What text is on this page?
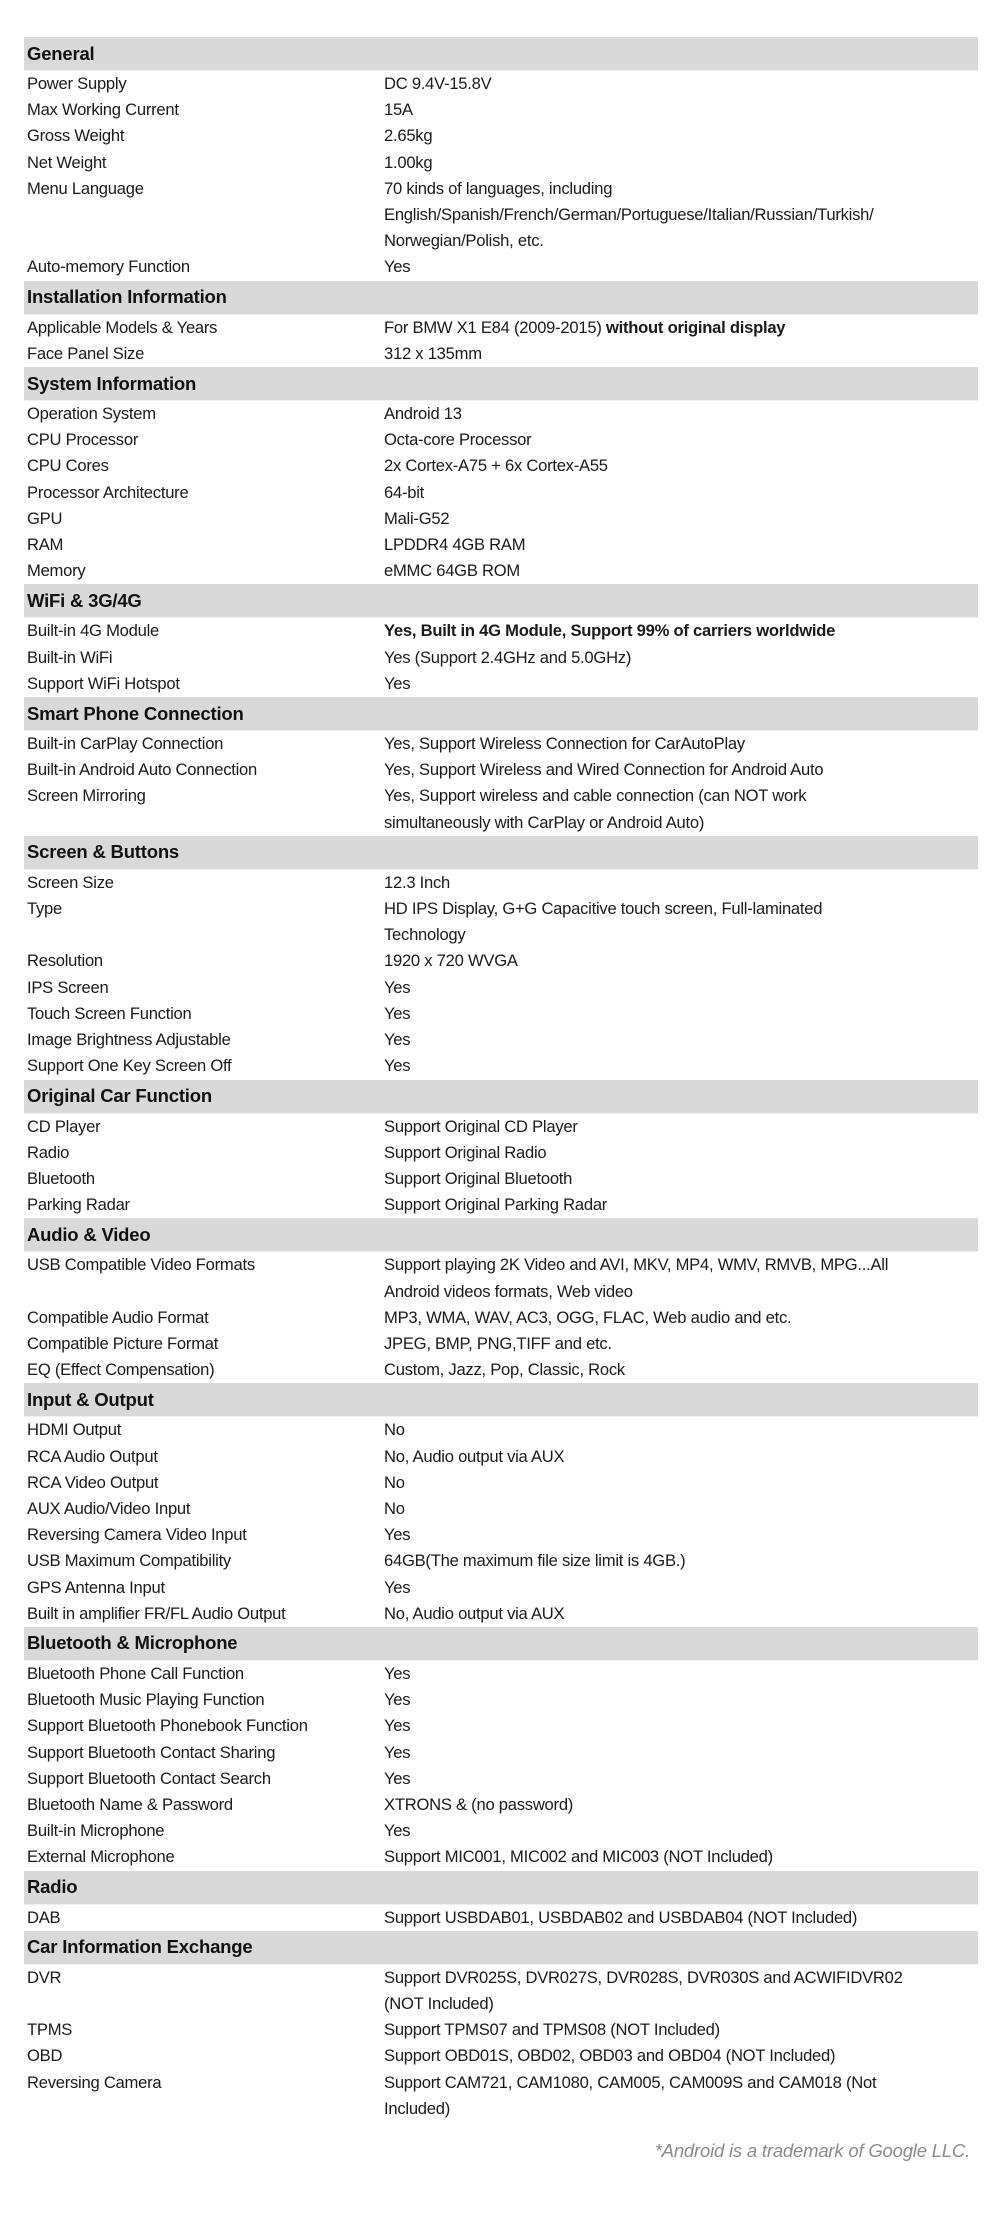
General
Power Supply	DC 9.4V-15.8V
Max Working Current	15A
Gross Weight	2.65kg
Net Weight	1.00kg
Menu Language	70 kinds of languages, including
English/Spanish/French/German/Portuguese/Italian/Russian/Turkish/
Norwegian/Polish, etc.
Auto-memory Function	Yes
Installation Information
Applicable Models & Years	For BMW X1 E84 (2009-2015) without original display
Face Panel Size	312 x 135mm
System Information
Operation System	Android 13
CPU Processor	Octa-core Processor
CPU Cores	2x Cortex-A75 + 6x Cortex-A55
Processor Architecture	64-bit
GPU	Mali-G52
RAM	LPDDR4 4GB RAM
Memory	eMMC 64GB ROM
WiFi & 3G/4G
Built-in 4G Module	Yes, Built in 4G Module, Support 99% of carriers worldwide
Built-in WiFi	Yes (Support 2.4GHz and 5.0GHz)
Support WiFi Hotspot	Yes
Smart Phone Connection
Built-in CarPlay Connection	Yes, Support Wireless Connection for CarAutoPlay
Built-in Android Auto Connection	Yes, Support Wireless and Wired Connection for Android Auto
Screen Mirroring	Yes, Support wireless and cable connection (can NOT work
simultaneously with CarPlay or Android Auto)
Screen & Buttons
Screen Size	12.3 Inch
Type	HD IPS Display, G+G Capacitive touch screen, Full-laminated
Technology
Resolution	1920 x 720 WVGA
IPS Screen	Yes
Touch Screen Function	Yes
Image Brightness Adjustable	Yes
Support One Key Screen Off	Yes
Original Car Function
CD Player	Support Original CD Player
Radio	Support Original Radio
Bluetooth	Support Original Bluetooth
Parking Radar	Support Original Parking Radar
Audio & Video
USB Compatible Video Formats	Support playing 2K Video and AVI, MKV, MP4, WMV, RMVB, MPG...All
Android videos formats, Web video
Compatible Audio Format	MP3, WMA, WAV, AC3, OGG, FLAC, Web audio and etc.
Compatible Picture Format	JPEG, BMP, PNG,TIFF and etc.
EQ (Effect Compensation)	Custom, Jazz, Pop, Classic, Rock
Input & Output
HDMI Output	No
RCA Audio Output	No, Audio output via AUX
RCA Video Output	No
AUX Audio/Video Input	No
Reversing Camera Video Input	Yes
USB Maximum Compatibility	64GB(The maximum file size limit is 4GB.)
GPS Antenna Input	Yes
Built in amplifier FR/FL Audio Output	No, Audio output via AUX
Bluetooth & Microphone
Bluetooth Phone Call Function	Yes
Bluetooth Music Playing Function	Yes
Support Bluetooth Phonebook Function	Yes
Support Bluetooth Contact Sharing	Yes
Support Bluetooth Contact Search	Yes
Bluetooth Name & Password	XTRONS & (no password)
Built-in Microphone	Yes
External Microphone	Support MIC001, MIC002 and MIC003 (NOT Included)
Radio
DAB	Support USBDAB01, USBDAB02 and USBDAB04 (NOT Included)
Car Information Exchange
DVR	Support DVR025S, DVR027S, DVR028S, DVR030S and ACWIFIDVR02
(NOT Included)
TPMS	Support TPMS07 and TPMS08 (NOT Included)
OBD	Support OBD01S, OBD02, OBD03 and OBD04 (NOT Included)
Reversing Camera	Support CAM721, CAM1080, CAM005, CAM009S and CAM018 (Not
Included)
*Android is a trademark of Google LLC.
